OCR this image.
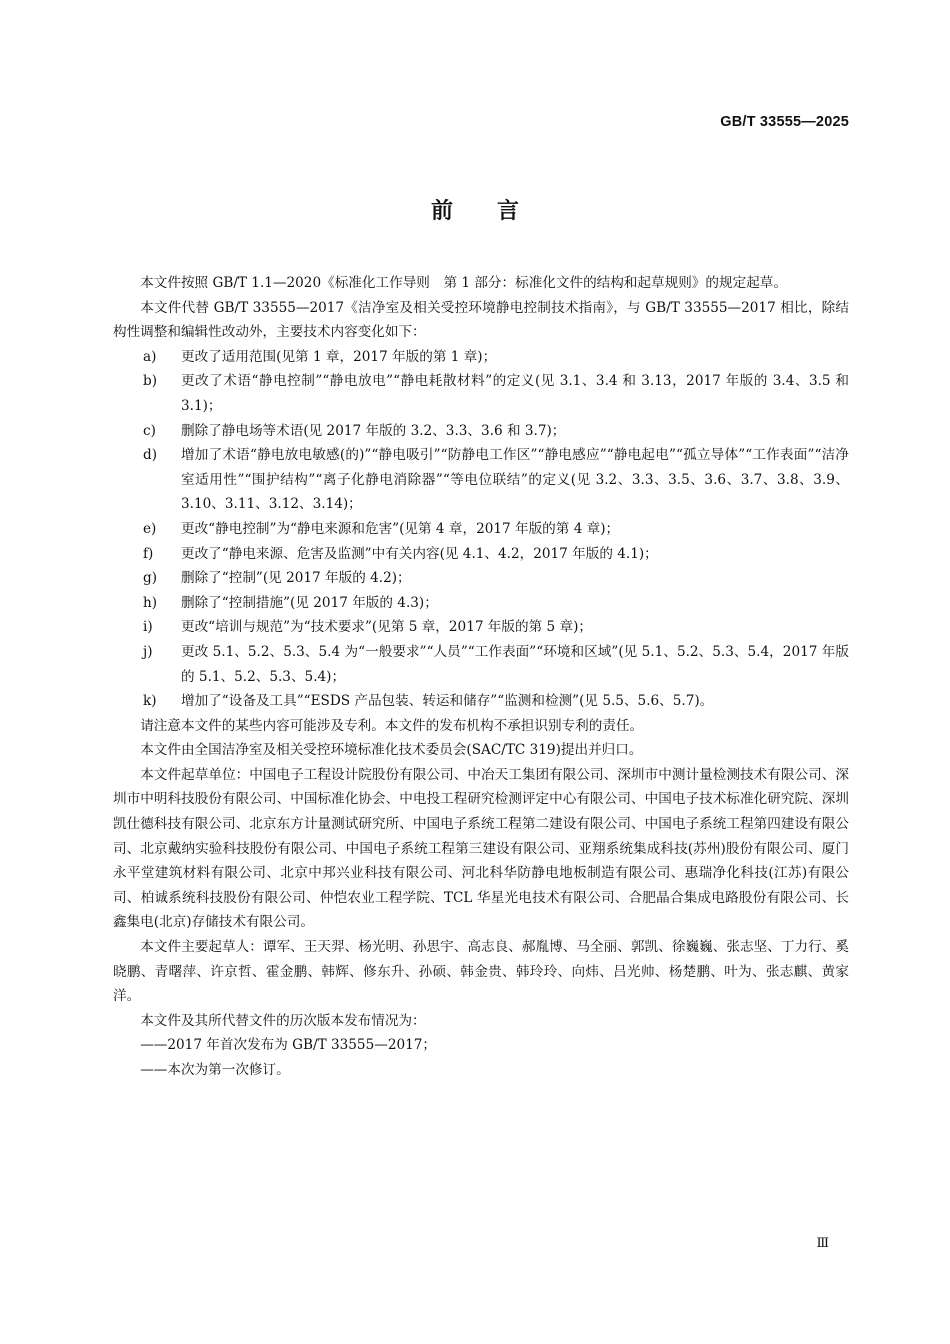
GB/T 33555—2025
前言

本文件按照 GB/T 1.1—2020《标准化工作导则　第 1 部分：标准化文件的结构和起草规则》的规定起草。

本文件代替 GB/T 33555—2017《洁净室及相关受控环境静电控制技术指南》，与 GB/T 33555—2017 相比，除结构性调整和编辑性改动外，主要技术内容变化如下：

a)	更改了适用范围(见第 1 章，2017 年版的第 1 章)；
b)	更改了术语“静电控制”“静电放电”“静电耗散材料”的定义(见 3.1、3.4 和 3.13，2017 年版的 3.4、3.5 和 3.1)；
c)	删除了静电场等术语(见 2017 年版的 3.2、3.3、3.6 和 3.7)；
d)	增加了术语“静电放电敏感(的)”“静电吸引”“防静电工作区”“静电感应”“静电起电”“孤立导体”“工作表面”“洁净室适用性”“围护结构”“离子化静电消除器”“等电位联结”的定义(见 3.2、3.3、3.5、3.6、3.7、3.8、3.9、3.10、3.11、3.12、3.14)；
e)	更改“静电控制”为“静电来源和危害”(见第 4 章，2017 年版的第 4 章)；
f)	更改了“静电来源、危害及监测”中有关内容(见 4.1、4.2，2017 年版的 4.1)；
g)	删除了“控制”(见 2017 年版的 4.2)；
h)	删除了“控制措施”(见 2017 年版的 4.3)；
i)	更改“培训与规范”为“技术要求”(见第 5 章，2017 年版的第 5 章)；
j)	更改 5.1、5.2、5.3、5.4 为“一般要求”“人员”“工作表面”“环境和区域”(见 5.1、5.2、5.3、5.4，2017 年版的 5.1、5.2、5.3、5.4)；
k)	增加了“设备及工具”“ESDS 产品包装、转运和储存”“监测和检测”(见 5.5、5.6、5.7)。

请注意本文件的某些内容可能涉及专利。本文件的发布机构不承担识别专利的责任。

本文件由全国洁净室及相关受控环境标准化技术委员会(SAC/TC 319)提出并归口。

本文件起草单位：中国电子工程设计院股份有限公司、中冶天工集团有限公司、深圳市中测计量检测技术有限公司、深圳市中明科技股份有限公司、中国标准化协会、中电投工程研究检测评定中心有限公司、中国电子技术标准化研究院、深圳凯仕德科技有限公司、北京东方计量测试研究所、中国电子系统工程第二建设有限公司、中国电子系统工程第四建设有限公司、北京戴纳实验科技股份有限公司、中国电子系统工程第三建设有限公司、亚翔系统集成科技(苏州)股份有限公司、厦门永平堂建筑材料有限公司、北京中邦兴业科技有限公司、河北科华防静电地板制造有限公司、惠瑞净化科技(江苏)有限公司、柏诚系统科技股份有限公司、仲恺农业工程学院、TCL 华星光电技术有限公司、合肥晶合集成电路股份有限公司、长鑫集电(北京)存储技术有限公司。

本文件主要起草人：谭军、王天羿、杨光明、孙思宇、高志良、郝胤博、马全丽、郭凯、徐巍巍、张志坚、丁力行、奚晓鹏、青曙萍、许京哲、霍金鹏、韩辉、修东升、孙硕、韩金贵、韩玲玲、向炜、吕光帅、杨楚鹏、叶为、张志麒、黄家洋。

本文件及其所代替文件的历次版本发布情况为：

——2017 年首次发布为 GB/T 33555—2017；

——本次为第一次修订。

Ⅲ
